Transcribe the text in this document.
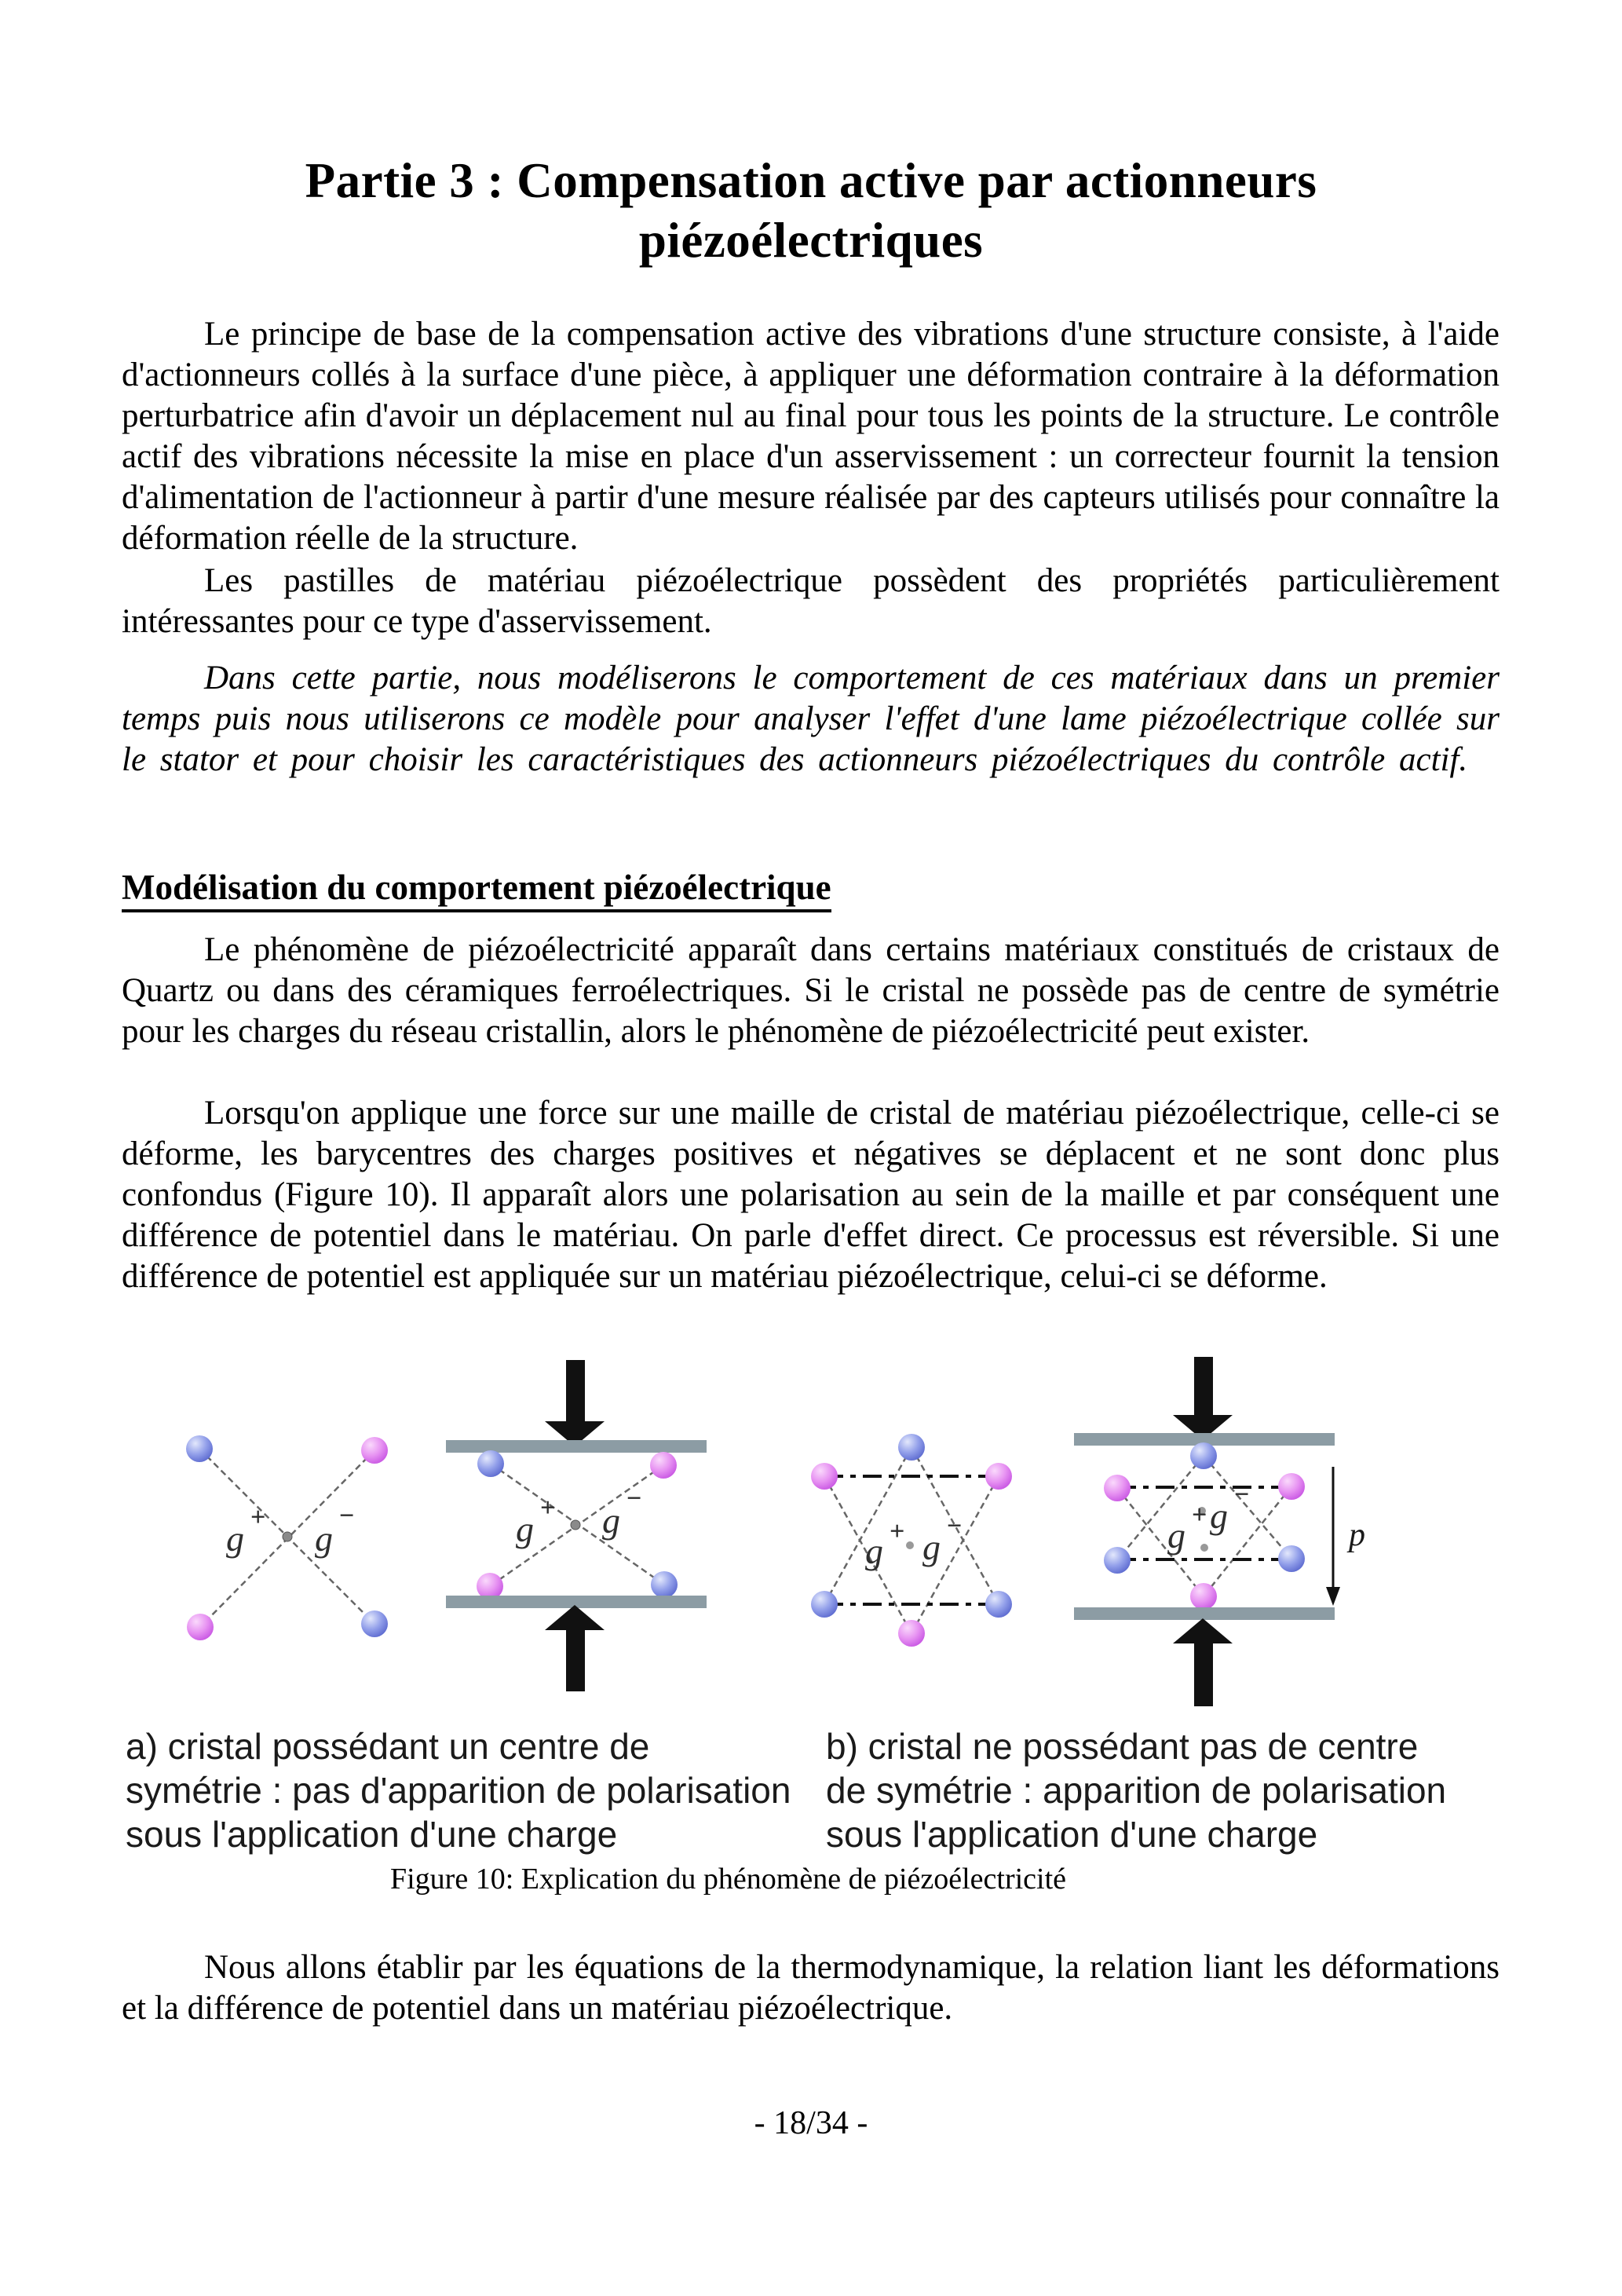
Partie 3 : Compensation active par actionneurs
piézoélectriques
Le principe de base de la compensation active des vibrations d'une structure consiste, à l'aide d'actionneurs collés à la surface d'une pièce, à appliquer une déformation contraire à la déformation perturbatrice afin d'avoir un déplacement nul au final pour tous les points de la structure. Le contrôle actif des vibrations nécessite la mise en place d'un asservissement : un correcteur fournit la tension d'alimentation de l'actionneur à partir d'une mesure réalisée par des capteurs utilisés pour connaître la déformation réelle de la structure.
Les pastilles de matériau piézoélectrique possèdent des propriétés particulièrement intéressantes pour ce type d'asservissement.
Dans cette partie, nous modéliserons le comportement de ces matériaux dans un premier temps puis nous utiliserons ce modèle pour analyser l'effet d'une lame piézoélectrique collée sur le stator et pour choisir les caractéristiques des actionneurs piézoélectriques du contrôle actif.
Modélisation du comportement piézoélectrique
Le phénomène de piézoélectricité apparaît dans certains matériaux constitués de cristaux de Quartz ou dans des céramiques ferroélectriques. Si le cristal ne possède pas de centre de symétrie pour les charges du réseau cristallin, alors le phénomène de piézoélectricité peut exister.
Lorsqu'on applique une force sur une maille de cristal de matériau piézoélectrique, celle-ci se déforme, les barycentres des charges positives et négatives se déplacent et ne sont donc plus confondus (Figure 10). Il apparaît alors une polarisation au sein de la maille et par conséquent une différence de potentiel dans le matériau. On parle d'effet direct. Ce processus est réversible. Si une différence de potentiel est appliquée sur un matériau piézoélectrique, celui-ci se déforme.
g
+
g
−	g
+ g
−
g + g
−	g
−
g
+
p
a) cristal possédant un centre de
symétrie : pas d'apparition de polarisation
sous l'application d'une charge
b) cristal ne possédant pas de centre
de symétrie : apparition de polarisation
sous l'application d'une charge
Figure 10: Explication du phénomène de piézoélectricité
Nous allons établir par les équations de la thermodynamique, la relation liant les déformations et la différence de potentiel dans un matériau piézoélectrique.
- 18/34 -
